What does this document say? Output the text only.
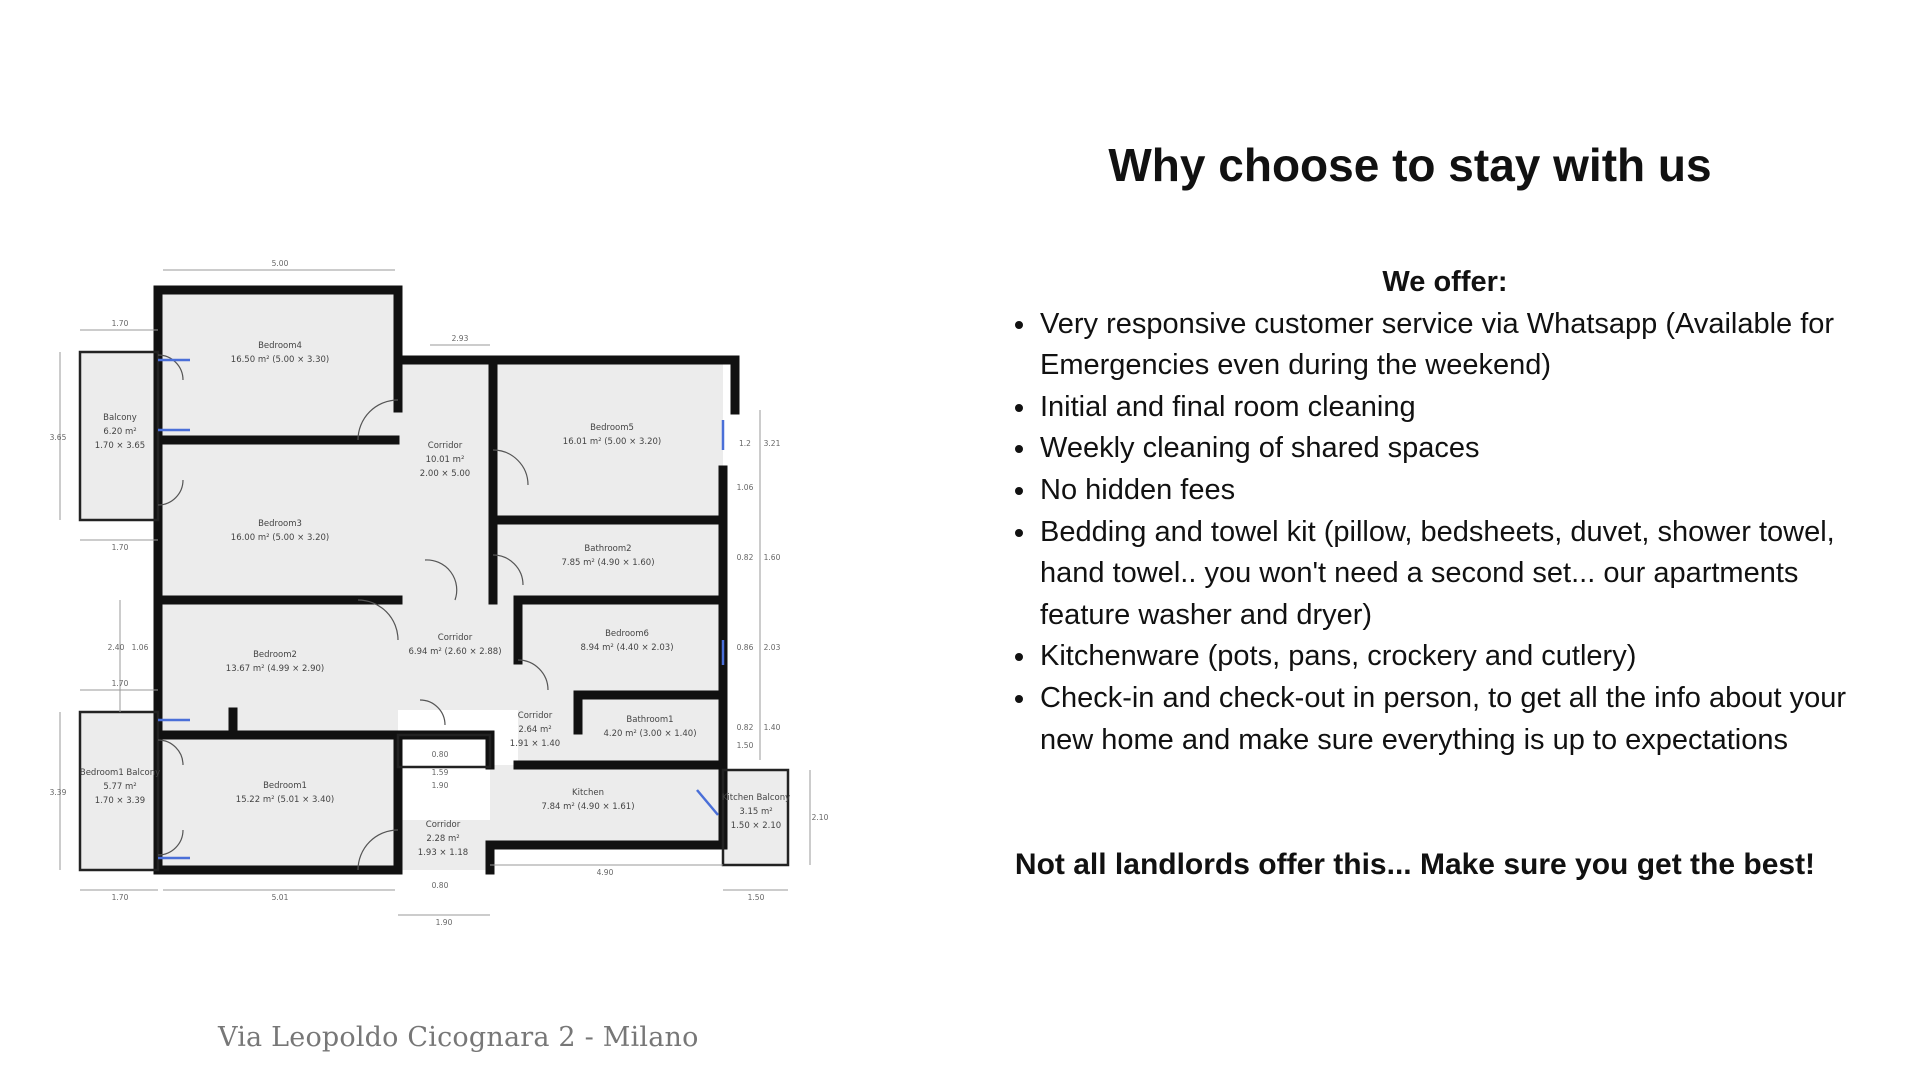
Bedroom4
16.50 m² (5.00 × 3.30)
Balcony
6.20 m²
1.70 × 3.65	Corridor
10.01 m²
2.00 × 5.00
Bedroom5
16.01 m² (5.00 × 3.20)
Bedroom3
16.00 m² (5.00 × 3.20)
Bathroom2
7.85 m² (4.90 × 1.60)
Bedroom2
13.67 m² (4.99 × 2.90)
Corridor
6.94 m² (2.60 × 2.88)
Bedroom6
8.94 m² (4.40 × 2.03)
Corridor
2.64 m²
1.91 × 1.40
Bathroom1
4.20 m² (3.00 × 1.40)
Bedroom1 Balcony
5.77 m²
1.70 × 3.39
Bedroom1
15.22 m² (5.01 × 3.40)
Kitchen
7.84 m² (4.90 × 1.61)
Kitchen Balcony
3.15 m²
1.50 × 2.10
Corridor
2.28 m²
1.93 × 1.18
5.00
1.70
2.93
3.65
1.70
2.40 1.06
1.70
3.39
1.70	5.01
1.90
4.90
1.50
2.10
1.2 3.21
1.06
0.82 1.60
0.86 2.03
0.82 1.40
1.50
0.80
1.59
1.90
0.80
Via Leopoldo Cicognara 2 - Milano
Why choose to stay with us

We offer:

• Very responsive customer service via Whatsapp (Available for Emergencies even during the weekend)
• Initial and final room cleaning
• Weekly cleaning of shared spaces
• No hidden fees
• Bedding and towel kit (pillow, bedsheets, duvet, shower towel, hand towel.. you won't need a second set... our apartments feature washer and dryer)
• Kitchenware (pots, pans, crockery and cutlery)
• Check-in and check-out in person, to get all the info about your new home and make sure everything is up to expectations

Not all landlords offer this... Make sure you get the best!
